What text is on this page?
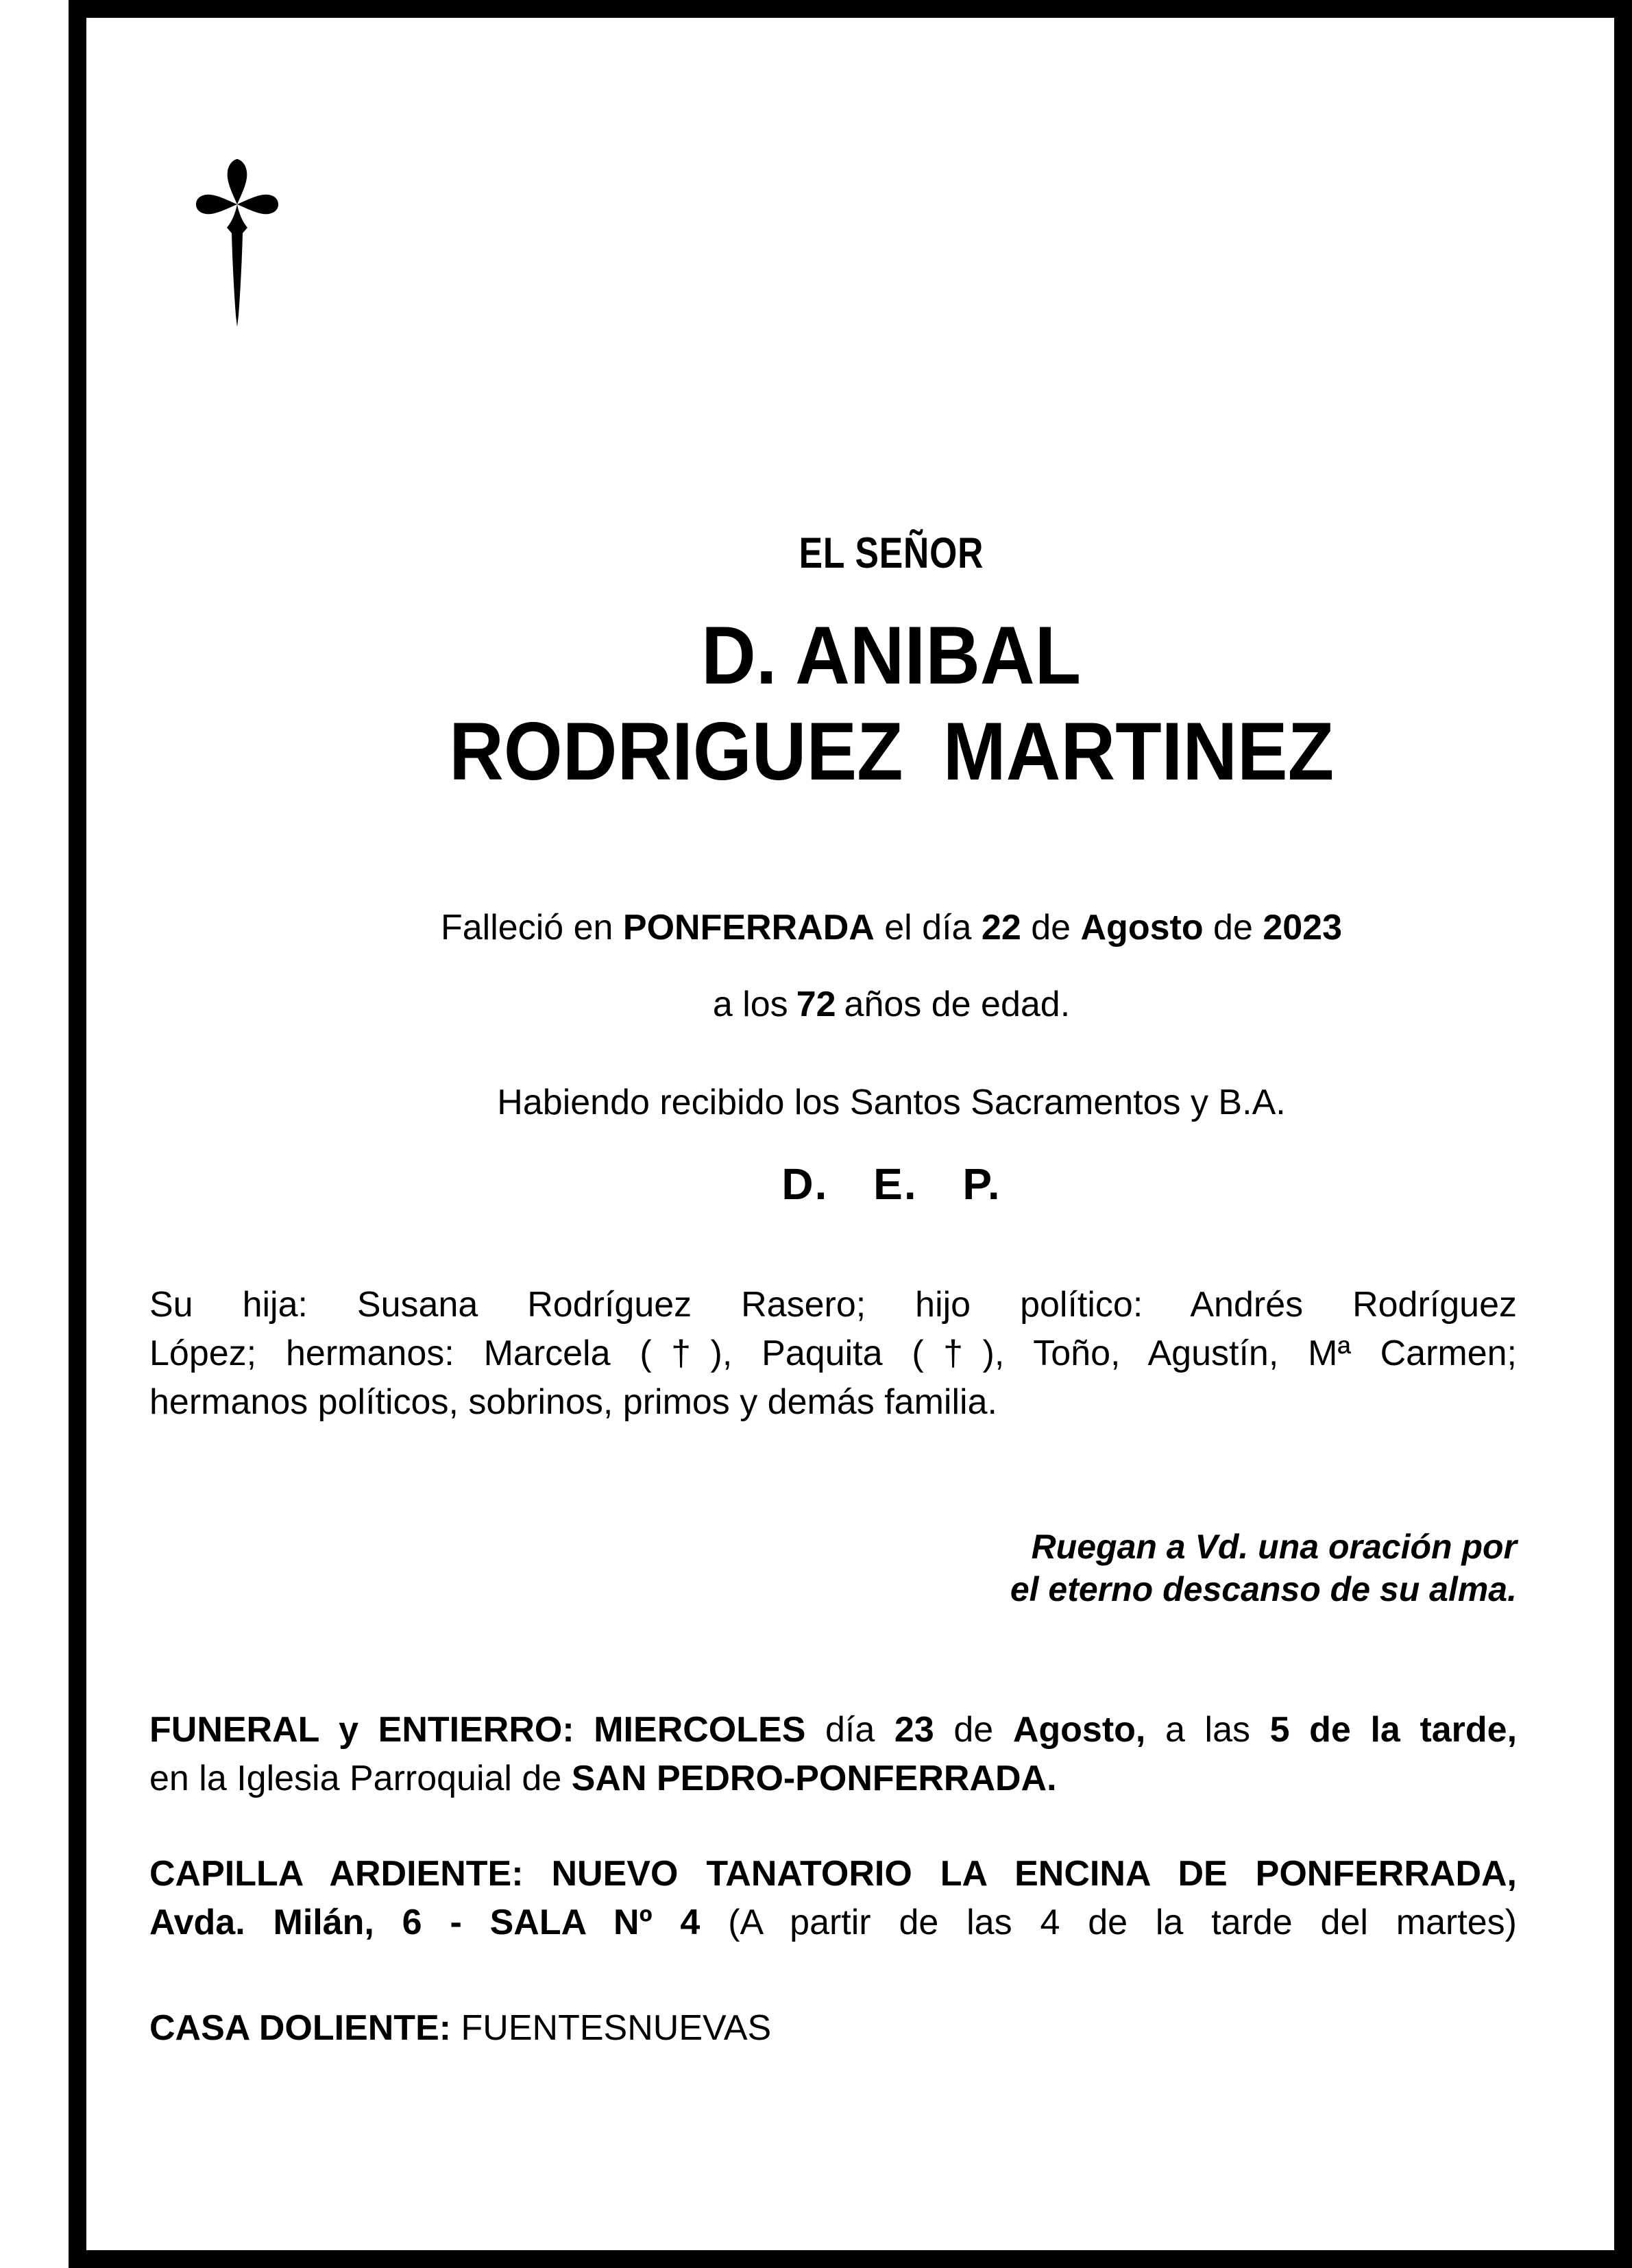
EL SEÑOR
D. ANIBAL
RODRIGUEZ MARTINEZ
Falleció en PONFERRADA el día 22 de Agosto de 2023
a los 72 años de edad.
Habiendo recibido los Santos Sacramentos y B.A.
D. E. P.
Su hija: Susana Rodríguez Rasero; hijo político: Andrés Rodríguez
López; hermanos: Marcela (†), Paquita (†), Toño, Agustín, Mª Carmen;
hermanos políticos, sobrinos, primos y demás familia.
Ruegan a Vd. una oración por
el eterno descanso de su alma.
FUNERAL y ENTIERRO: MIERCOLES día 23 de Agosto, a las 5 de la tarde,
en la Iglesia Parroquial de SAN PEDRO-PONFERRADA.
CAPILLA ARDIENTE: NUEVO TANATORIO LA ENCINA DE PONFERRADA,
Avda. Milán, 6 - SALA Nº 4 (A partir de las 4 de la tarde del martes)
CASA DOLIENTE: FUENTESNUEVAS
